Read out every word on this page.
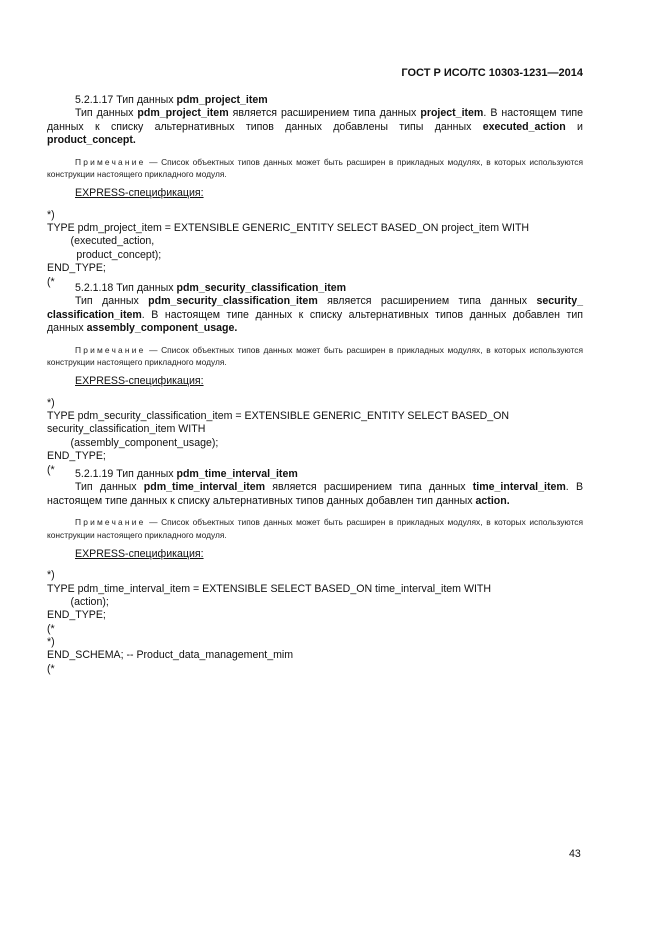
ГОСТ Р ИСО/ТС 10303-1231—2014

5.2.1.17 Тип данных pdm_project_item

Тип данных pdm_project_item является расширением типа данных project_item. В настоящем типе данных к списку альтернативных типов данных добавлены типы данных executed_action и product_concept.

Примечание — Список объектных типов данных может быть расширен в прикладных модулях, в которых используются конструкции настоящего прикладного модуля.

EXPRESS-спецификация:

*)

TYPE pdm_project_item = EXTENSIBLE GENERIC_ENTITY SELECT BASED_ON project_item WITH

(executed_action,

product_concept);

END_TYPE;

(*

5.2.1.18 Тип данных pdm_security_classification_item

Тип данных pdm_security_classification_item является расширением типа данных security_ classification_item. В настоящем типе данных к списку альтернативных типов данных добавлен тип данных assembly_component_usage.

Примечание — Список объектных типов данных может быть расширен в прикладных модулях, в которых используются конструкции настоящего прикладного модуля.

EXPRESS-спецификация:

*)

TYPE pdm_security_classification_item = EXTENSIBLE GENERIC_ENTITY SELECT BASED_ON

security_classification_item WITH

(assembly_component_usage);

END_TYPE;

(*	5.2.1.19 Тип данных pdm_time_interval_item

Тип данных pdm_time_interval_item является расширением типа данных time_interval_item. В настоящем типе данных к списку альтернативных типов данных добавлен тип данных action.

Примечание — Список объектных типов данных может быть расширен в прикладных модулях, в которых используются конструкции настоящего прикладного модуля.

EXPRESS-спецификация:

*)

TYPE pdm_time_interval_item = EXTENSIBLE SELECT BASED_ON time_interval_item WITH

(action);

END_TYPE;

(*

*)

END_SCHEMA; -- Product_data_management_mim

(*

43
